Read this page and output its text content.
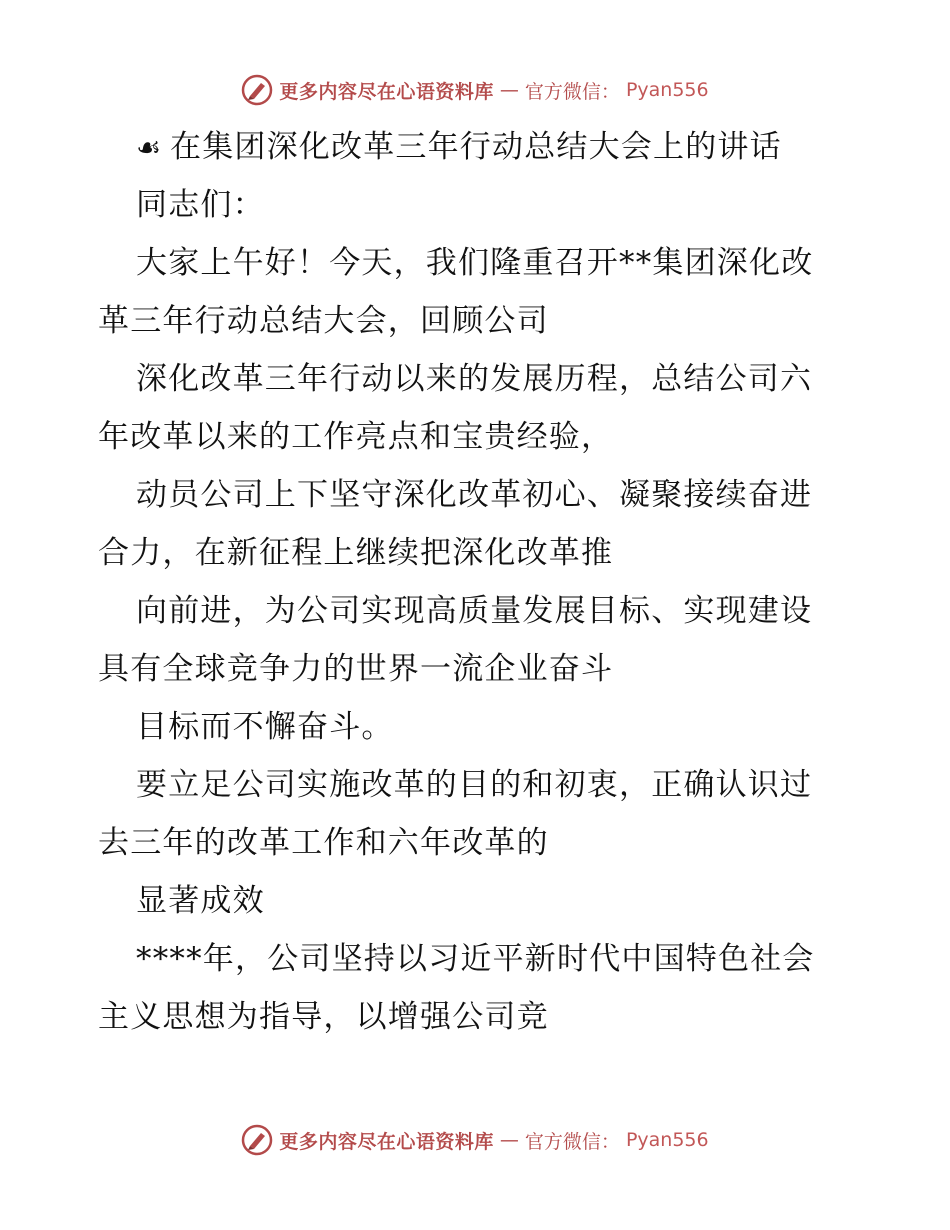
更多内容尽在心语资料库 — 官方微信： Pyan556
☙ 在集团深化改革三年行动总结大会上的讲话
同志们：
大家上午好！今天，我们隆重召开**集团深化改
革三年行动总结大会，回顾公司
深化改革三年行动以来的发展历程，总结公司六
年改革以来的工作亮点和宝贵经验，
动员公司上下坚守深化改革初心、凝聚接续奋进
合力，在新征程上继续把深化改革推
向前进，为公司实现高质量发展目标、实现建设
具有全球竞争力的世界一流企业奋斗
目标而不懈奋斗。
要立足公司实施改革的目的和初衷，正确认识过
去三年的改革工作和六年改革的
显著成效
****年，公司坚持以习近平新时代中国特色社会
主义思想为指导，以增强公司竞
更多内容尽在心语资料库 — 官方微信： Pyan556
